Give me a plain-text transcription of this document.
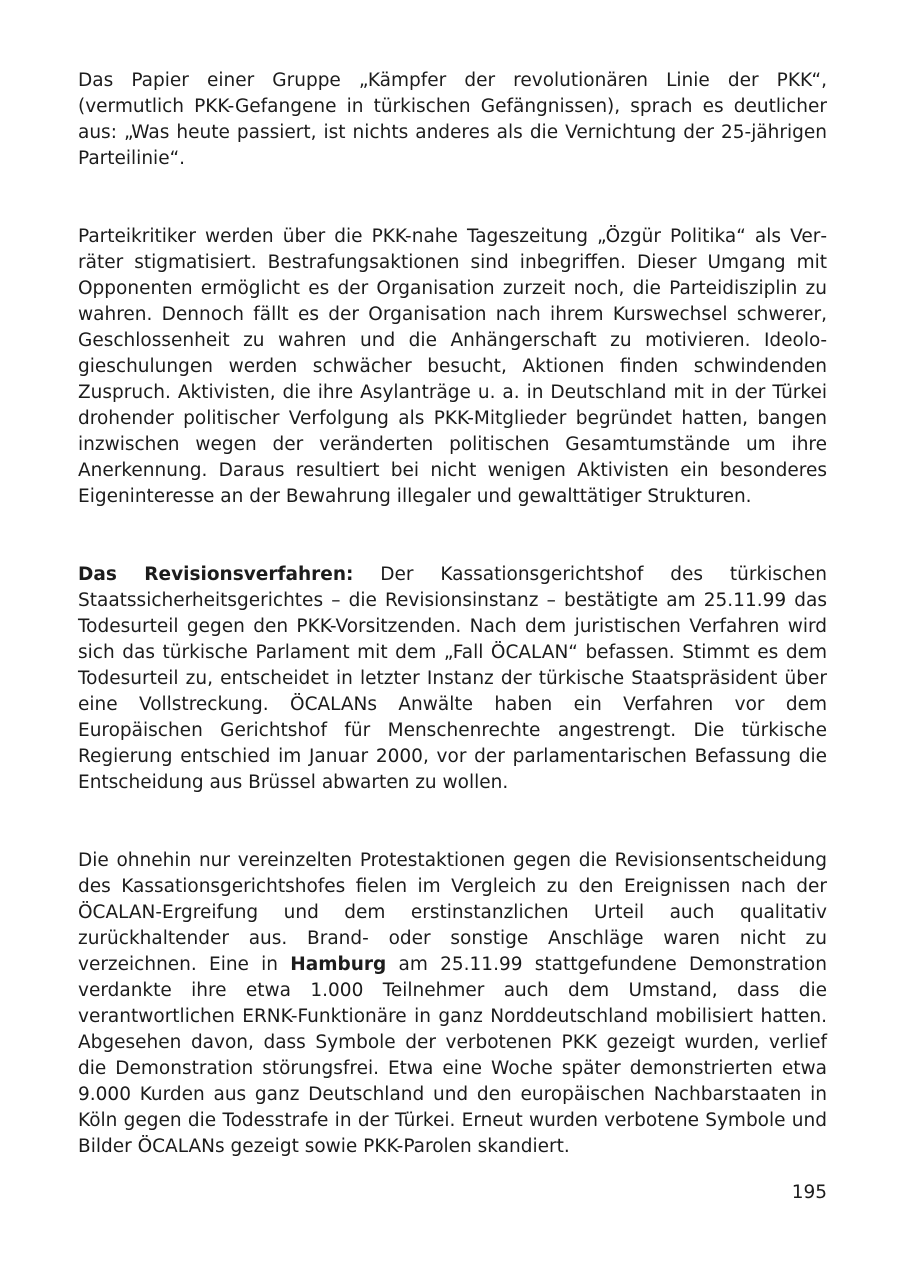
Das Papier einer Gruppe „Kämpfer der revolutionären Linie der PKK“, (vermutlich PKK-Gefangene in türkischen Gefängnissen), sprach es deutlicher aus: „Was heute passiert, ist nichts anderes als die Vernichtung der 25-jährigen Parteilinie“.

Parteikritiker werden über die PKK-nahe Tageszeitung „Özgür Politika“ als Verräter stigmatisiert. Bestrafungsaktionen sind inbegriffen. Dieser Umgang mit Opponenten ermöglicht es der Organisation zurzeit noch, die Parteidisziplin zu wahren. Dennoch fällt es der Organisation nach ihrem Kurswechsel schwerer, Geschlossenheit zu wahren und die Anhängerschaft zu motivieren. Ideologieschulungen werden schwächer besucht, Aktionen finden schwindenden Zuspruch. Aktivisten, die ihre Asylanträge u. a. in Deutschland mit in der Türkei drohender politischer Verfolgung als PKK-Mitglieder begründet hatten, bangen inzwischen wegen der veränderten politischen Gesamtumstände um ihre Anerkennung. Daraus resultiert bei nicht wenigen Aktivisten ein besonderes Eigeninteresse an der Bewahrung illegaler und gewalttätiger Strukturen.

Das Revisionsverfahren: Der Kassationsgerichtshof des türkischen Staatssicherheitsgerichtes – die Revisionsinstanz – bestätigte am 25.11.99 das Todesurteil gegen den PKK-Vorsitzenden. Nach dem juristischen Verfahren wird sich das türkische Parlament mit dem „Fall ÖCALAN“ befassen. Stimmt es dem Todesurteil zu, entscheidet in letzter Instanz der türkische Staatspräsident über eine Vollstreckung. ÖCALANs Anwälte haben ein Verfahren vor dem Europäischen Gerichtshof für Menschenrechte angestrengt. Die türkische Regierung entschied im Januar 2000, vor der parlamentarischen Befassung die Entscheidung aus Brüssel abwarten zu wollen.

Die ohnehin nur vereinzelten Protestaktionen gegen die Revisionsentscheidung des Kassationsgerichtshofes fielen im Vergleich zu den Ereignissen nach der ÖCALAN-Ergreifung und dem erstinstanzlichen Urteil auch qualitativ zurückhaltender aus. Brand- oder sonstige Anschläge waren nicht zu verzeichnen. Eine in Hamburg am 25.11.99 stattgefundene Demonstration verdankte ihre etwa 1.000 Teilnehmer auch dem Umstand, dass die verantwortlichen ERNK-Funktionäre in ganz Norddeutschland mobilisiert hatten. Abgesehen davon, dass Symbole der verbotenen PKK gezeigt wurden, verlief die Demonstration störungsfrei. Etwa eine Woche später demonstrierten etwa 9.000 Kurden aus ganz Deutschland und den europäischen Nachbarstaaten in Köln gegen die Todesstrafe in der Türkei. Erneut wurden verbotene Symbole und Bilder ÖCALANs gezeigt sowie PKK-Parolen skandiert.

195
